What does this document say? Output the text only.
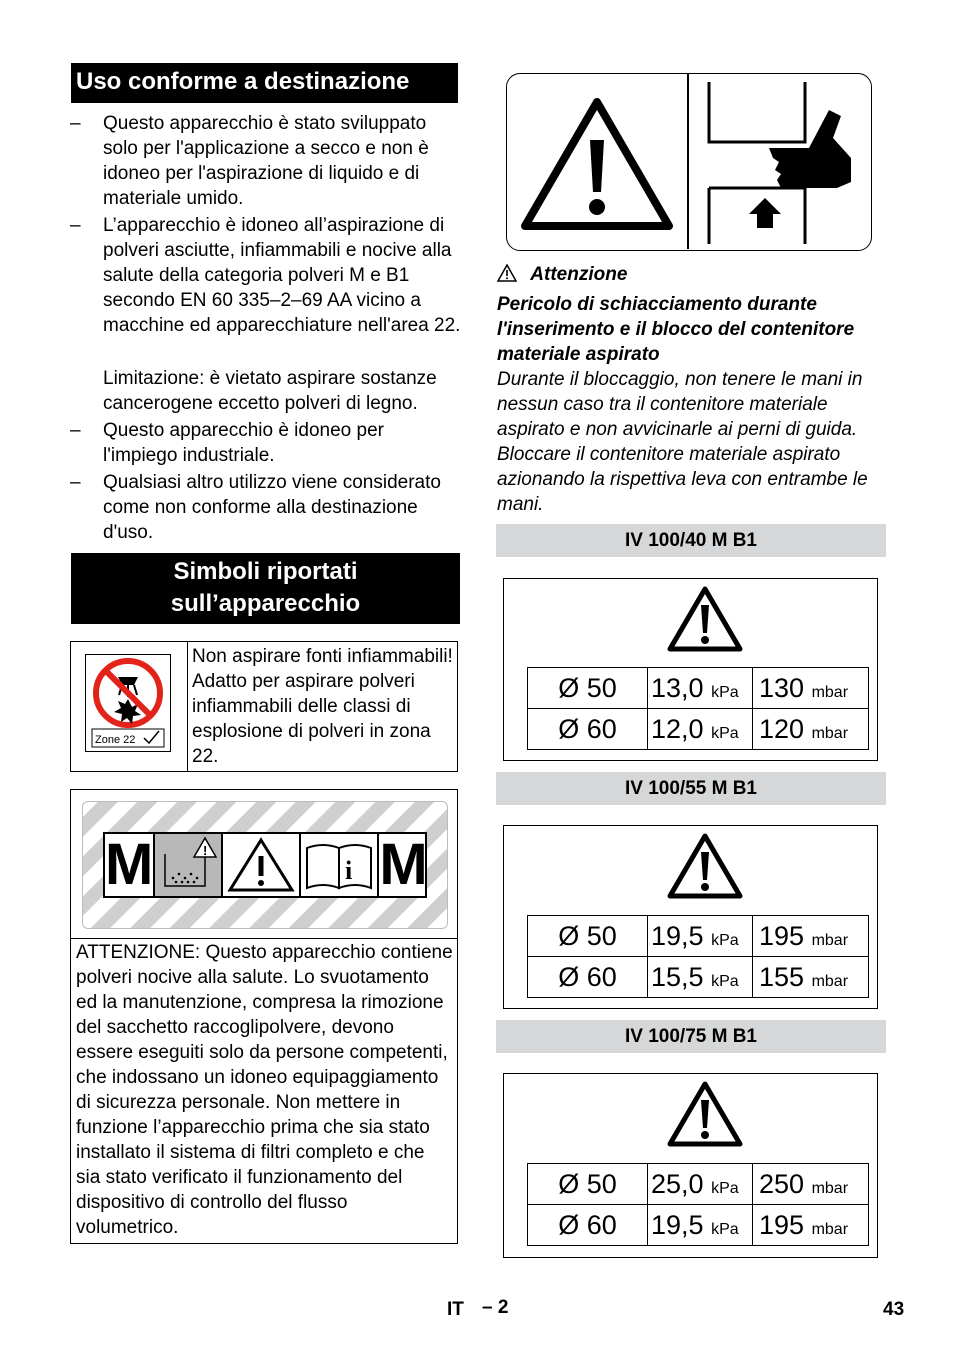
Uso conforme a destinazione
–	Questo apparecchio è stato sviluppato solo per l'applicazione a secco e non è idoneo per l'aspirazione di liquido e di materiale umido.
–	L’apparecchio è idoneo all’aspirazione di polveri asciutte, infiammabili e nocive alla salute della categoria polveri M e B1 secondo EN 60 335–2–69 AA vicino a macchine ed apparecchiature nell'area 22.
Limitazione: è vietato aspirare sostanze cancerogene eccetto polveri di legno.
–	Questo apparecchio è idoneo per l'impiego industriale.
–	Qualsiasi altro utilizzo viene considerato come non conforme alla destinazione d'uso.
Simboli riportati
sull’apparecchio
Zone 22
Non aspirare fonti infiammabili! Adatto per aspirare polveri infiammabili delle classi di esplosione di polveri in zona 22.
M	!
i M
ATTENZIONE: Questo apparecchio contiene polveri nocive alla salute. Lo svuotamento ed la manutenzione, compresa la rimozione del sacchetto raccoglipolvere, devono essere eseguiti solo da persone competenti, che indossano un idoneo equipaggiamento di sicurezza personale. Non mettere in funzione l’apparecchio prima che sia stato installato il sistema di filtri completo e che sia stato verificato il funzionamento del dispositivo di controllo del flusso volumetrico.
Attenzione
Pericolo di schiacciamento durante l'inserimento e il blocco del contenitore materiale aspirato
Durante il bloccaggio, non tenere le mani in nessun caso tra il contenitore materiale aspirato e non avvicinarle ai perni di guida. Bloccare il contenitore materiale aspirato azionando la rispettiva leva con entrambe le mani.
IV 100/40 M B1
Ø 50	13,0 kPa	130 mbar
Ø 60	12,0 kPa	120 mbar
IV 100/55 M B1
Ø 50	19,5 kPa	195 mbar
Ø 60	15,5 kPa	155 mbar
IV 100/75 M B1
Ø 50	25,0 kPa	250 mbar
Ø 60	19,5 kPa	195 mbar
IT – 2	43
